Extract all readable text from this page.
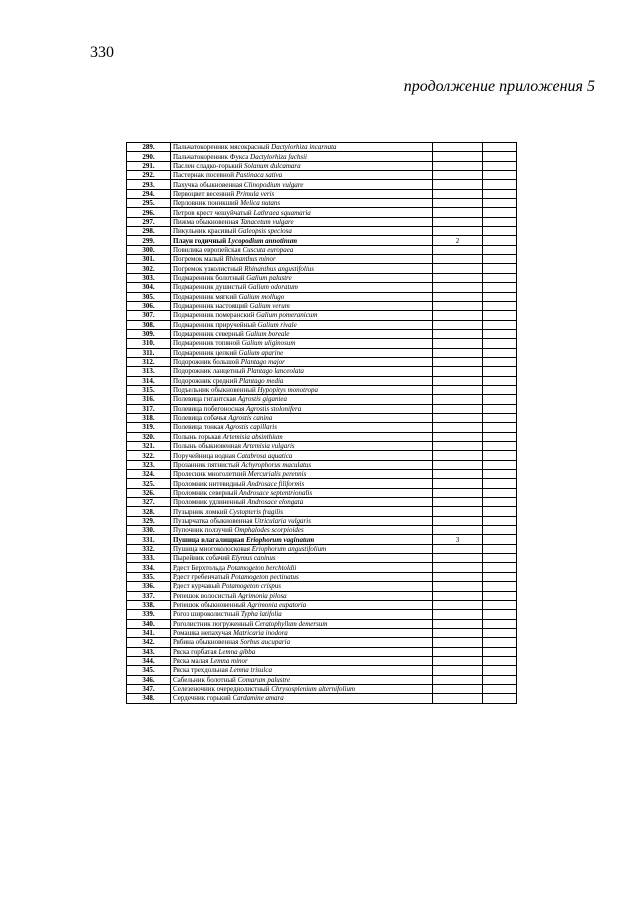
330
продолжение приложения 5
289.	Пальчатокоренник мясокрасный Dactylorhiza incarnata		
290.	Пальчатокоренник Фукса Dactylorhiza fuchsii		
291.	Паслен сладко-горький Solanum dulcamara		
292.	Пастернак посевной Pastinaca sativa		
293.	Пахучка обыкновенная Clinopodium vulgare		
294.	Первоцвет весенний Primula veris		
295.	Перловник поникший Melica nutans		
296.	Петров крест чешуйчатый Lathraea squamaria		
297.	Пижма обыкновенная Tanacetum vulgare		
298.	Пикульник красивый Galeopsis speciosa		
299.	Плаун годичный Lycopodium annotinum	2	
300.	Повилика европейская Cuscuta europaea		
301.	Погремок малый Rhinanthus minor		
302.	Погремок узколистный Rhinanthus angustifolius		
303.	Подмаренник болотный Galium palustre		
304.	Подмаренник душистый Galium odoratum		
305.	Подмаренник мягкий Galium mollugo		
306.	Подмаренник настоящий Galium verum		
307.	Подмаренник померанский Galium pomeranicum		
308.	Подмаренник приручейный Galium rivale		
309.	Подмаренник северный Galium boreale		
310.	Подмаренник топяной Galium uliginosum		
311.	Подмаренник цепкий Galium aparine		
312.	Подорожник большой Plantago major		
313.	Подорожник ланцетный Plantago lanceolata		
314.	Подорожник средний Plantago media		
315.	Подъельник обыкновенный Hypopitys monotropa		
316.	Полевица гигантская Agrostis gigantea		
317.	Полевица побегоносная Agrostis stolonifera		
318.	Полевица собачья Agrostis canina		
319.	Полевица тонкая Agrostis capillaris		
320.	Полынь горькая Artemisia absinthium		
321.	Полынь обыкновенная Artemisia vulgaris		
322.	Поручейница водная Catabrosa aquatica		
323.	Прозанник пятнистый Achyrophorus maculatus		
324.	Пролесник многолетний Mercurialis perennis		
325.	Проломник нитевидный Androsace filiformis		
326.	Проломник северный Androsace septentrionalis		
327.	Проломник удлиненный Androsace elongata		
328.	Пузырник ломкий Cystopteris fragilis		
329.	Пузырчатка обыкновенная Utricularia vulgaris		
330.	Пупочник ползучий Omphalodes scorpioides		
331.	Пушица влагалищная Eriophorum vaginatum	3	
332.	Пушица многоколосковая Eriophorum angustifolium		
333.	Пырейник собачий Elymus caninus		
334.	Рдест Берхтольда Potamogeton berchtoldii		
335.	Рдест гребенчатый Potamogeton pectinatus		
336.	Рдест курчавый Potamogeton crispus		
337.	Репешок волосистый Agrimonia pilosa		
338.	Репешок обыкновенный Agrimonia eupatoria		
339.	Рогоз широколистный Typha latifolia		
340.	Роголистник погруженный Ceratophyllum demersum		
341.	Ромашка непахучая Matricaria inodora		
342.	Рябина обыкновенная Sorbus aucuparia		
343.	Ряска горбатая Lemna gibba		
344.	Ряска малая Lemna minor		
345.	Ряска трехдольная Lemna trisulca		
346.	Сабельник болотный Comarum palustre		
347.	Селезеночник очереднолистный Chrysosplenium alternifolium		
348.	Сердечник горький Cardamine amara		
